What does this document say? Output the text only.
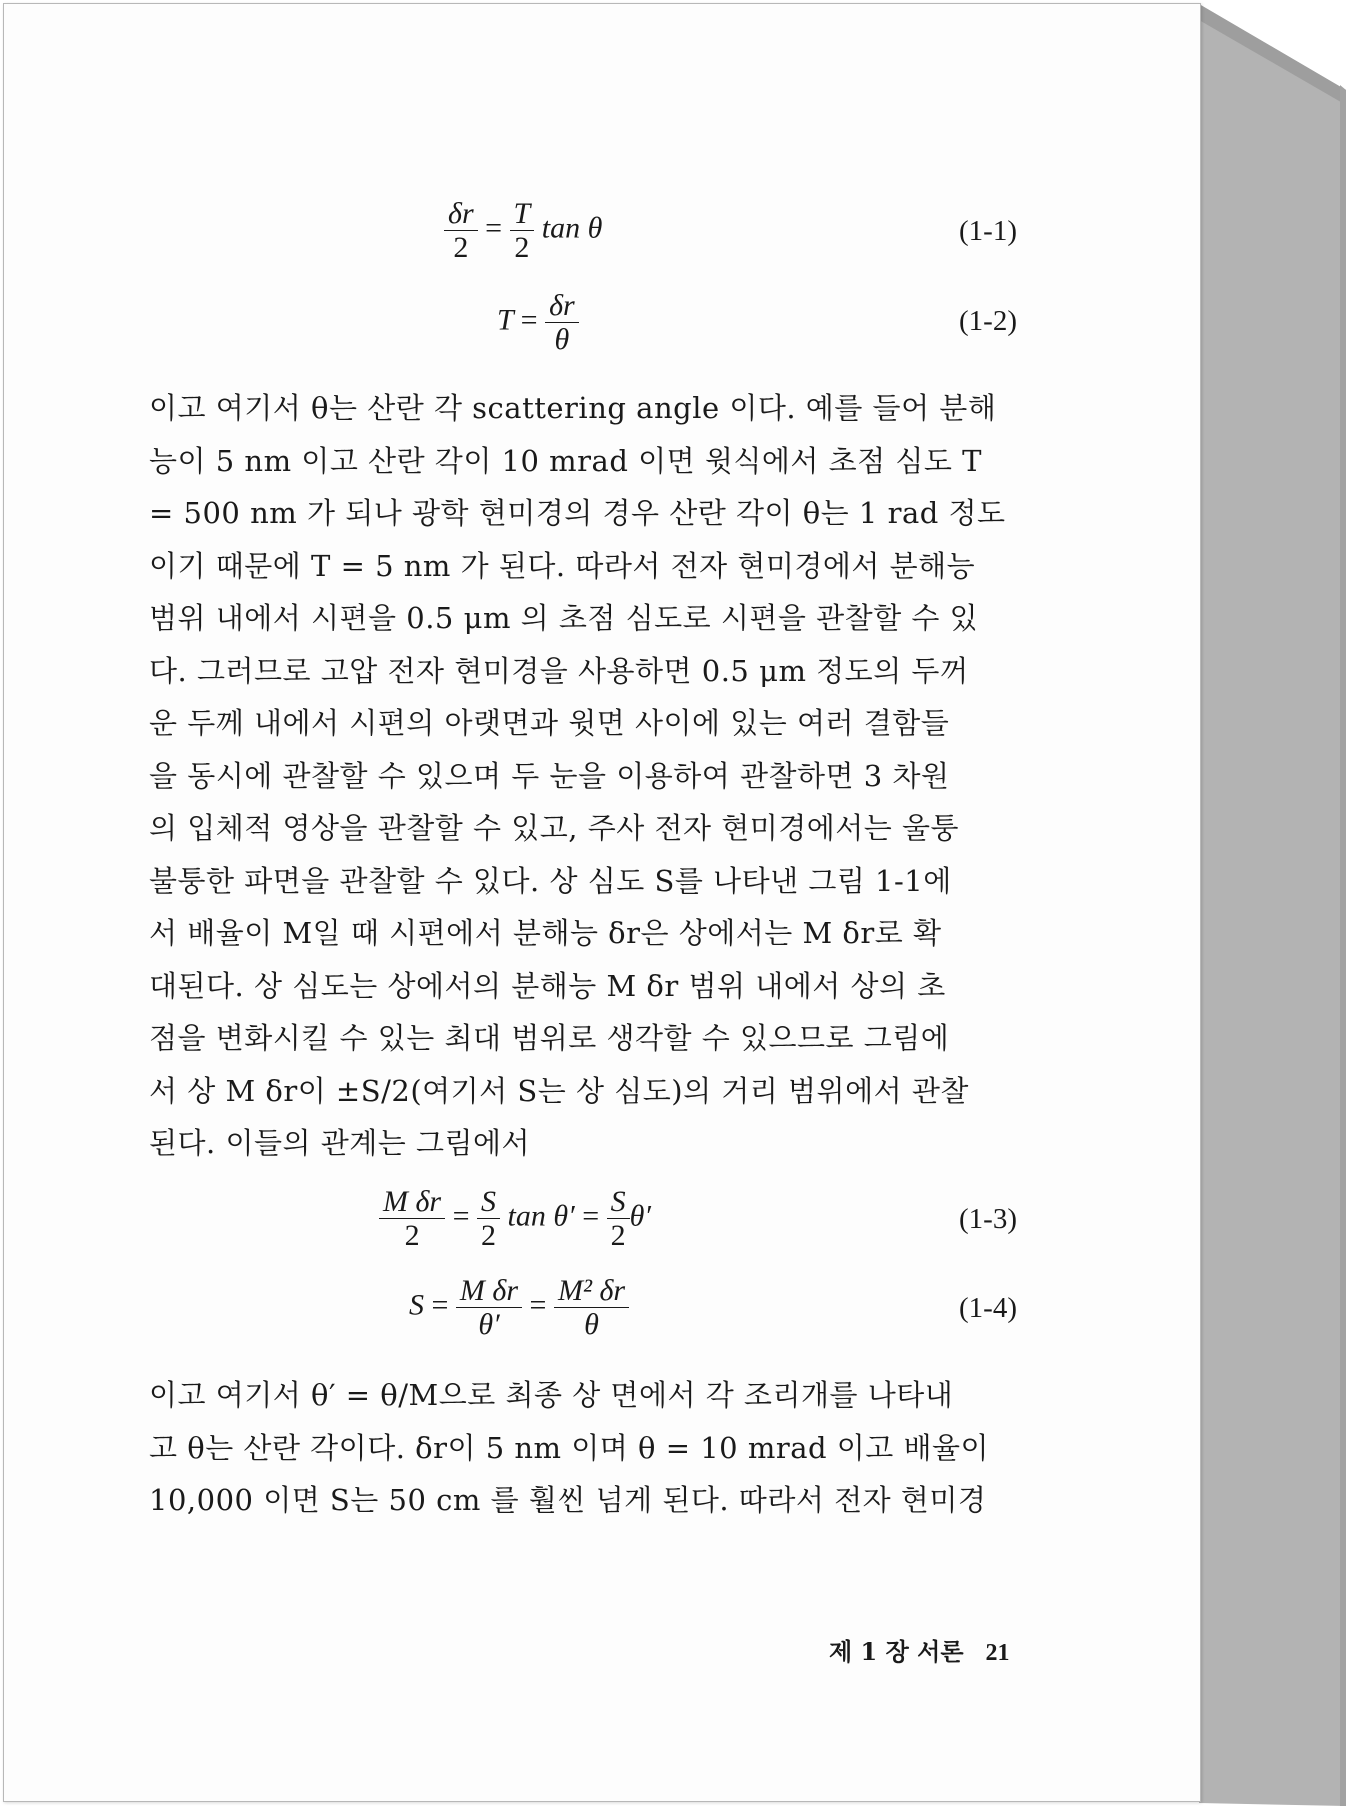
$\frac{\delta r}{2} = \frac{T}{2}$ tan θ	(1-1)
$T = \frac{\delta r}{\theta}$	(1-2)
이고 여기서 θ는 산란 각 scattering angle 이다. 예를 들어 분해
능이 5 nm 이고 산란 각이 10 mrad 이면 윗식에서 초점 심도 T
= 500 nm 가 되나 광학 현미경의 경우 산란 각이 θ는 1 rad 정도
이기 때문에 T = 5 nm 가 된다. 따라서 전자 현미경에서 분해능
범위 내에서 시편을 0.5 μm 의 초점 심도로 시편을 관찰할 수 있
다. 그러므로 고압 전자 현미경을 사용하면 0.5 μm 정도의 두꺼
운 두께 내에서 시편의 아랫면과 윗면 사이에 있는 여러 결함들
을 동시에 관찰할 수 있으며 두 눈을 이용하여 관찰하면 3 차원
의 입체적 영상을 관찰할 수 있고, 주사 전자 현미경에서는 울퉁
불퉁한 파면을 관찰할 수 있다. 상 심도 S를 나타낸 그림 1-1에
서 배율이 M일 때 시편에서 분해능 δr은 상에서는 M δr로 확
대된다. 상 심도는 상에서의 분해능 M δr 범위 내에서 상의 초
점을 변화시킬 수 있는 최대 범위로 생각할 수 있으므로 그림에
서 상 M δr이 ±S/2(여기서 S는 상 심도)의 거리 범위에서 관찰
된다. 이들의 관계는 그림에서
$\frac{\text{M δr}}{2} = \frac{S}{2}$ $\tan \theta' = \frac{S}{2} \theta'$	(1-3)
$S = \frac{\text{M δr}}{\theta'} = \frac{\text{M² δr}}{\theta}$	(1-4)
이고 여기서 θ′ = θ/M으로 최종 상 면에서 각 조리개를 나타내
고 θ는 산란 각이다. δr이 5 nm 이며 θ = 10 mrad 이고 배율이
10,000 이면 S는 50 cm 를 훨씬 넘게 된다. 따라서 전자 현미경
제 1 장 서론 21
